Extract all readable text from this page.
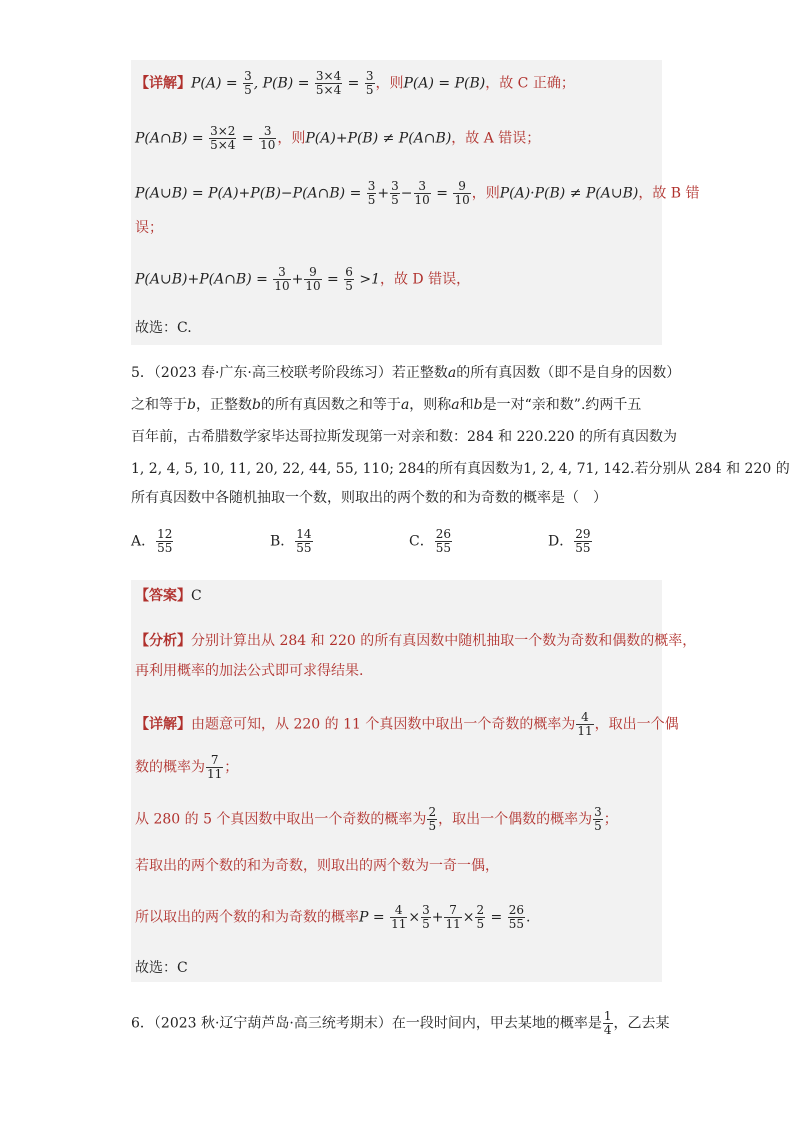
【详解】$P(A) = \frac{3}{5}$ , $P(B) = \frac{3\times 4}{5\times 4} = \frac{3}{5}$ ，则P(A) = P(B)，故 C 正确；
P(A∩B) = $\frac{3\times 2}{5\times 4} = \frac{3}{10}$ ，则P(A)+P(B) ≠ P(A∩B)，故 A 错误；
P(A∪B) = P(A)+P(B)−P(A∩B) = $\frac{3}{5} + \frac{3}{5} - \frac{3}{10} = \frac{9}{10}$ ，则P(A)·P(B) ≠ P(A∪B)，故 B 错
误；
P(A∪B)+P(A∩B) = $\frac{3}{10} + \frac{9}{10} = \frac{6}{5} >1$，故 D 错误，
故选：C.
5．（2023 春·广东·高三校联考阶段练习）若正整数a的所有真因数（即不是自身的因数）
之和等于b，正整数b的所有真因数之和等于a，则称a和b是一对“亲和数”.约两千五
百年前，古希腊数学家毕达哥拉斯发现第一对亲和数：284 和 220.220 的所有真因数为
1, 2, 4, 5, 10, 11, 20, 22, 44, 55, 110; 284的所有真因数为1, 2, 4, 71, 142.若分别从 284 和 220 的
所有真因数中各随机抽取一个数，则取出的两个数的和为奇数的概率是（　）
A． $\frac{12}{55}$	B． $\frac{14}{55}$	C． $\frac{26}{55}$	D． $\frac{29}{55}$
【答案】C
【分析】分别计算出从 284 和 220 的所有真因数中随机抽取一个数为奇数和偶数的概率，
再利用概率的加法公式即可求得结果.
【详解】由题意可知，从 220 的 11 个真因数中取出一个奇数的概率为 $\frac{4}{11}$ ，取出一个偶
数的概率为 $\frac{7}{11}$ ；
从 280 的 5 个真因数中取出一个奇数的概率为 $\frac{2}{5}$ ，取出一个偶数的概率为 $\frac{3}{5}$ ；
若取出的两个数的和为奇数，则取出的两个数为一奇一偶，
所以取出的两个数的和为奇数的概率$P = \frac{4}{11} \times \frac{3}{5} + \frac{7}{11} \times \frac{2}{5} = \frac{26}{55}$ .
故选：C
6．（2023 秋·辽宁葫芦岛·高三统考期末）在一段时间内，甲去某地的概率是 $\frac{1}{4}$ ，乙去某
